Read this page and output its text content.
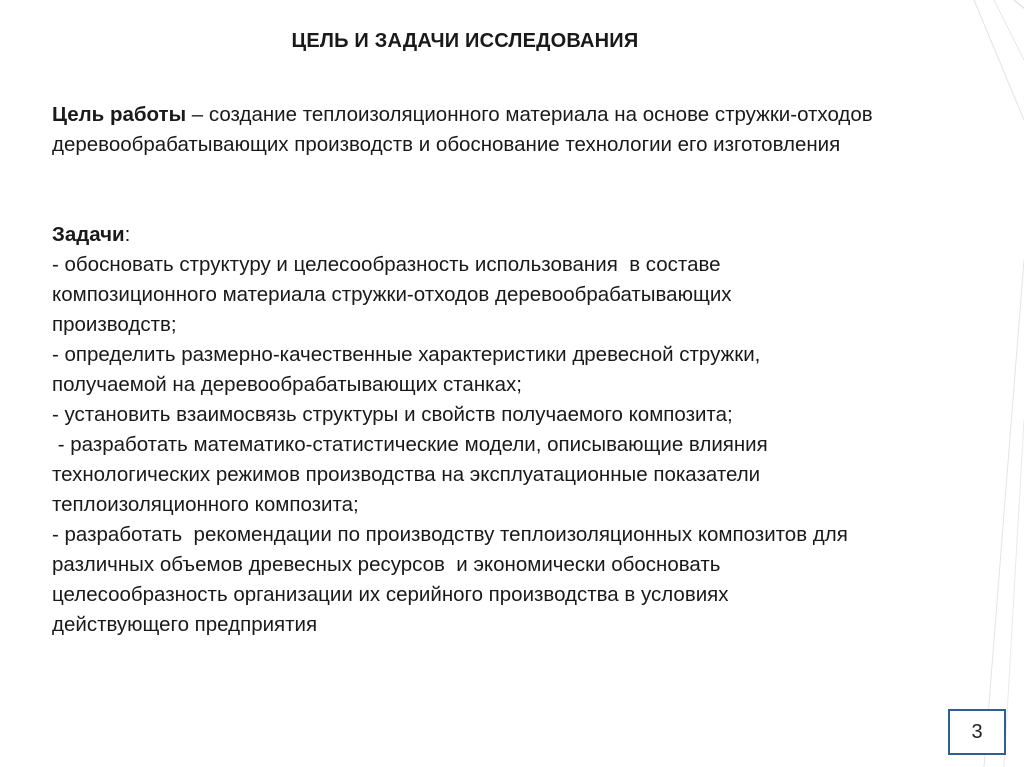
ЦЕЛЬ И ЗАДАЧИ ИССЛЕДОВАНИЯ
Цель работы – создание теплоизоляционного материала на основе стружки-отходов
деревообрабатывающих производств и обоснование технологии его изготовления
Задачи:
- обосновать структуру и целесообразность использования  в составе
композиционного материала стружки-отходов деревообрабатывающих
производств;
- определить размерно-качественные характеристики древесной стружки,
получаемой на деревообрабатывающих станках;
- установить взаимосвязь структуры и свойств получаемого композита;
- разработать математико-статистические модели, описывающие влияния
технологических режимов производства на эксплуатационные показатели
теплоизоляционного композита;
- разработать  рекомендации по производству теплоизоляционных композитов для
различных объемов древесных ресурсов  и экономически обосновать
целесообразность организации их серийного производства в условиях
действующего предприятия
3
